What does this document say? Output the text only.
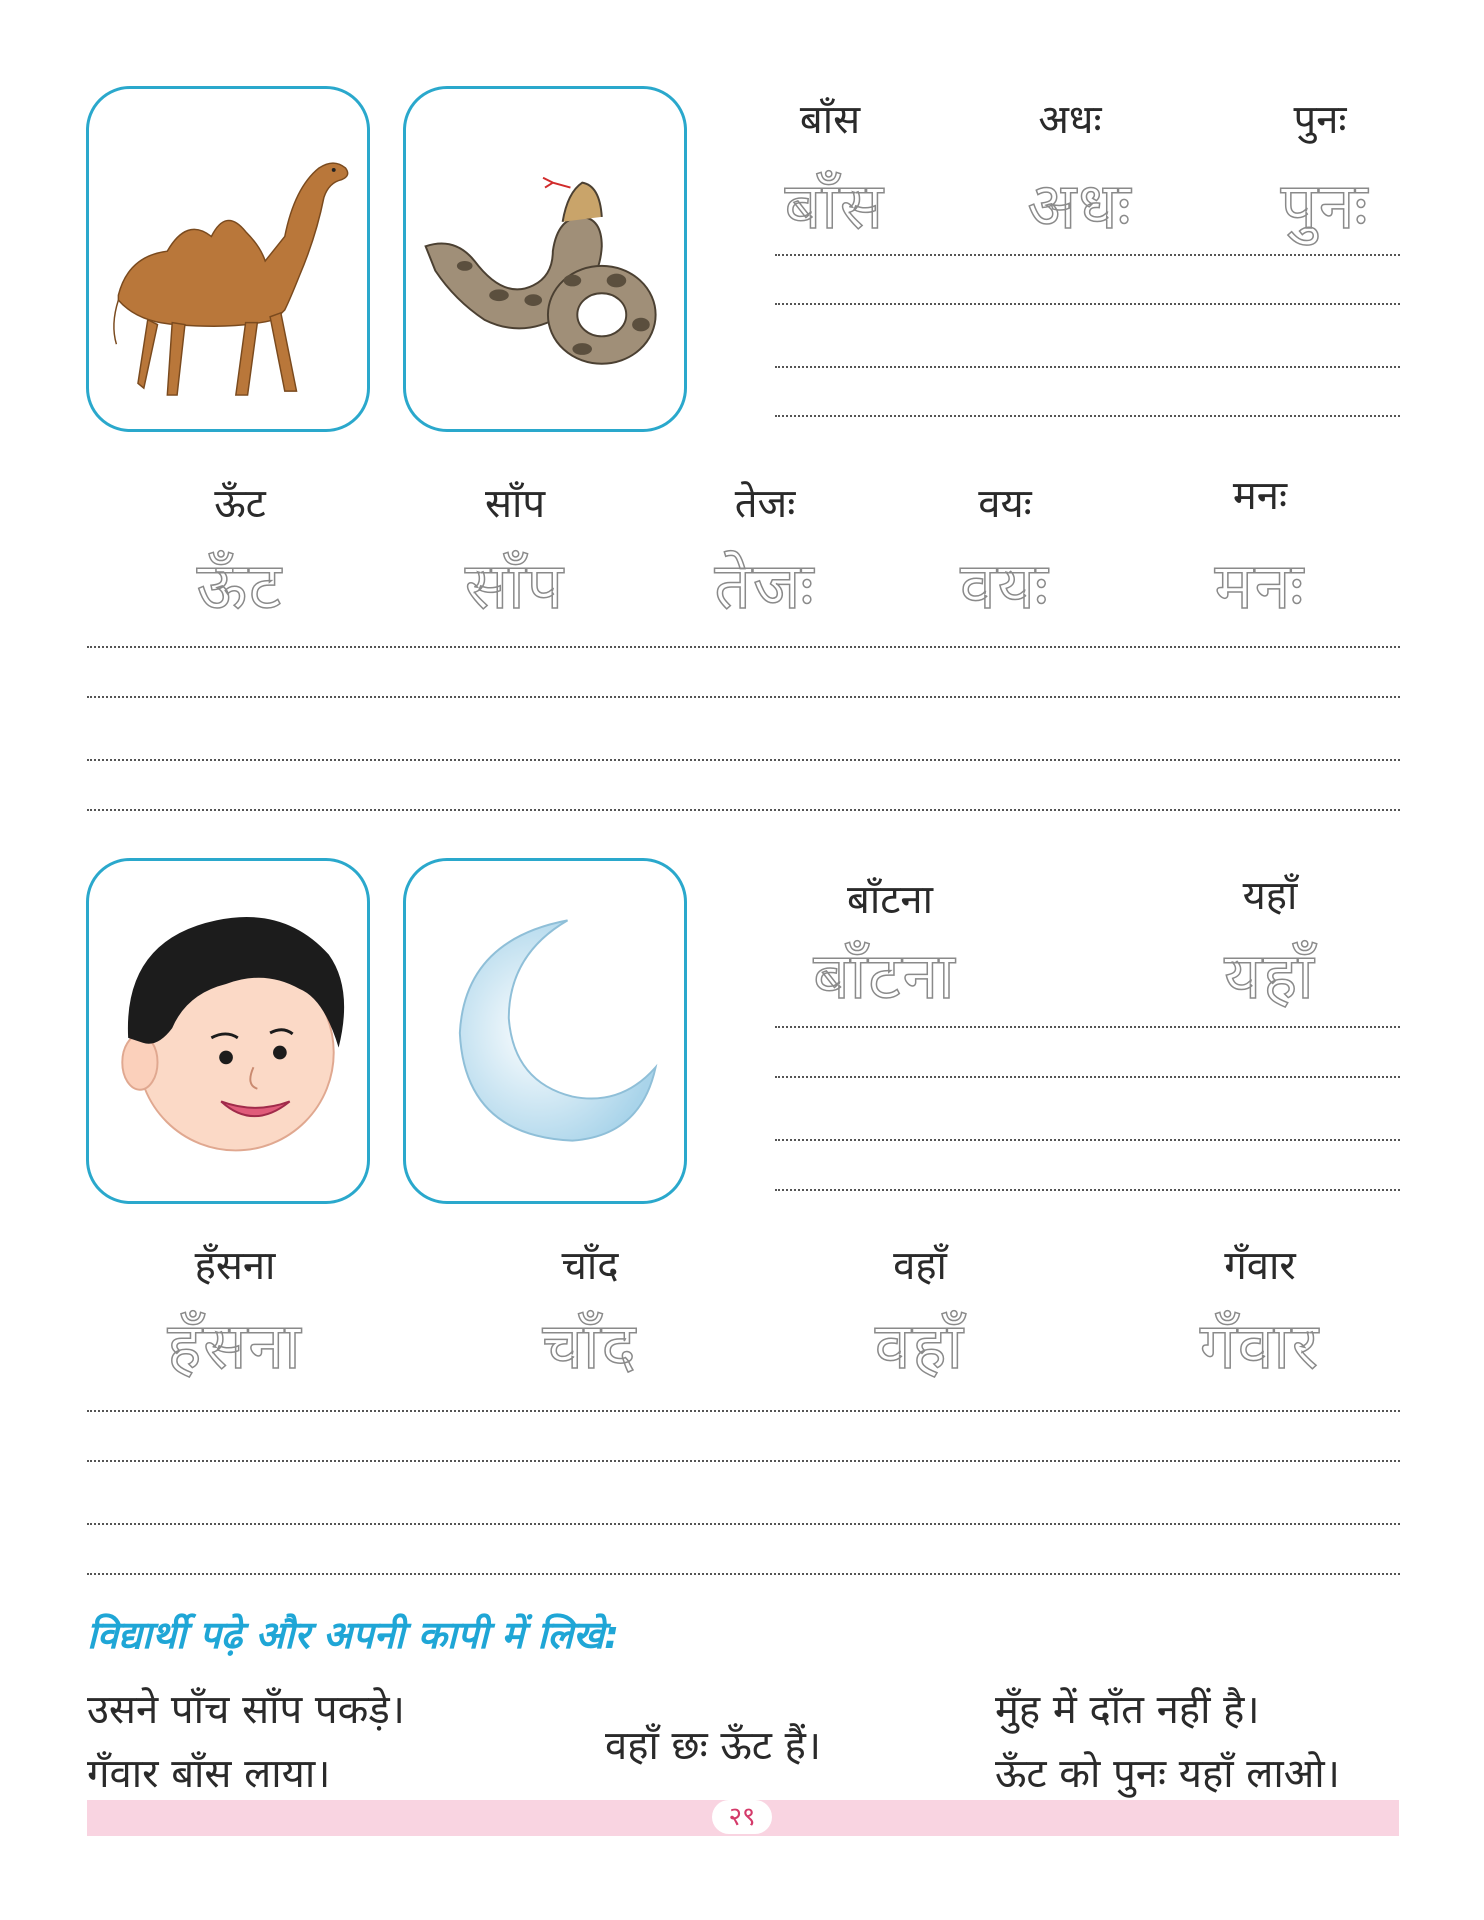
बाँस	अधः	पुनः
बाँस	अधः	पुनः
ऊँट	साँप	तेजः	वयः	मनः
ऊँट	साँप	तेजः	वयः	मनः
बाँटना	यहाँ
बाँटना	यहाँ
हँसना	चाँद	वहाँ	गँवार
हँसना	चाँद	वहाँ	गँवार
विद्यार्थी पढ़े और अपनी कापी में लिखे:
उसने पाँच साँप पकड़े।
गँवार बाँस लाया।
वहाँ छः ऊँट हैं।
मुँह में दाँत नहीं है।
ऊँट को पुनः यहाँ लाओ।
२९
